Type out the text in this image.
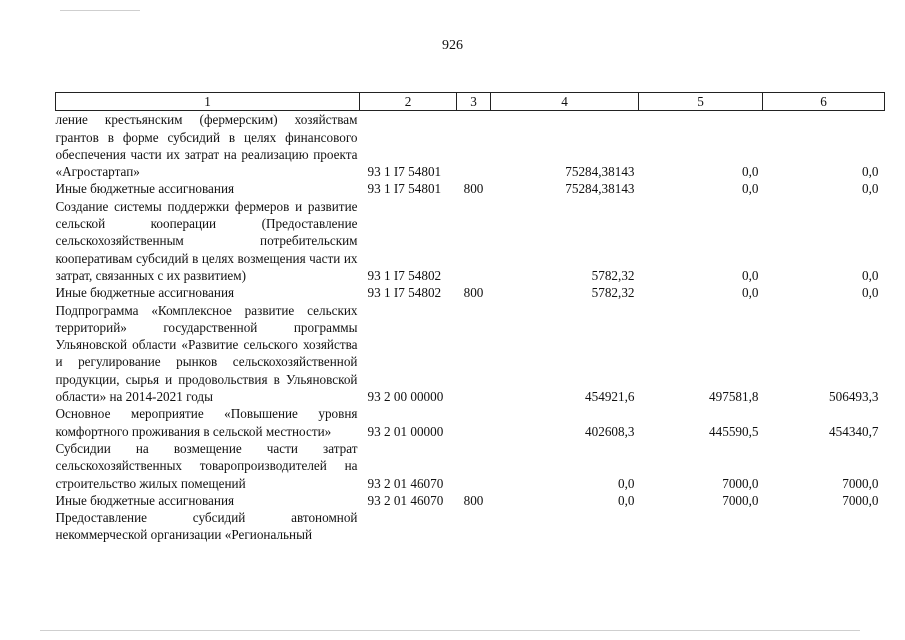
926
1	2	3	4	5	6
ление крестьянским (фермерским) хозяйствам грантов в форме субсидий в целях финансового обеспечения части их затрат на реализацию проекта «Агростартап»	93 1 I7 54801		75284,38143	0,0	0,0
Иные бюджетные ассигнования	93 1 I7 54801	800	75284,38143	0,0	0,0
Создание системы поддержки фермеров и развитие сельской кооперации (Предоставление сельскохозяйственным потребительским кооперативам субсидий в целях возмещения части их затрат, связанных с их развитием)	93 1 I7 54802		5782,32	0,0	0,0
Иные бюджетные ассигнования	93 1 I7 54802	800	5782,32	0,0	0,0
Подпрограмма «Комплексное развитие сельских территорий» государственной программы Ульяновской области «Развитие сельского хозяйства и регулирование рынков сельскохозяйственной продукции, сырья и продовольствия в Ульяновской области» на 2014-2021 годы	93 2 00 00000		454921,6	497581,8	506493,3
Основное мероприятие «Повышение уровня комфортного проживания в сельской местности»	93 2 01 00000		402608,3	445590,5	454340,7
Субсидии на возмещение части затрат сельскохозяйственных товаропроизводителей на строительство жилых помещений	93 2 01 46070		0,0	7000,0	7000,0
Иные бюджетные ассигнования	93 2 01 46070	800	0,0	7000,0	7000,0
Предоставление субсидий автономной некоммерческой организации «Региональный					
